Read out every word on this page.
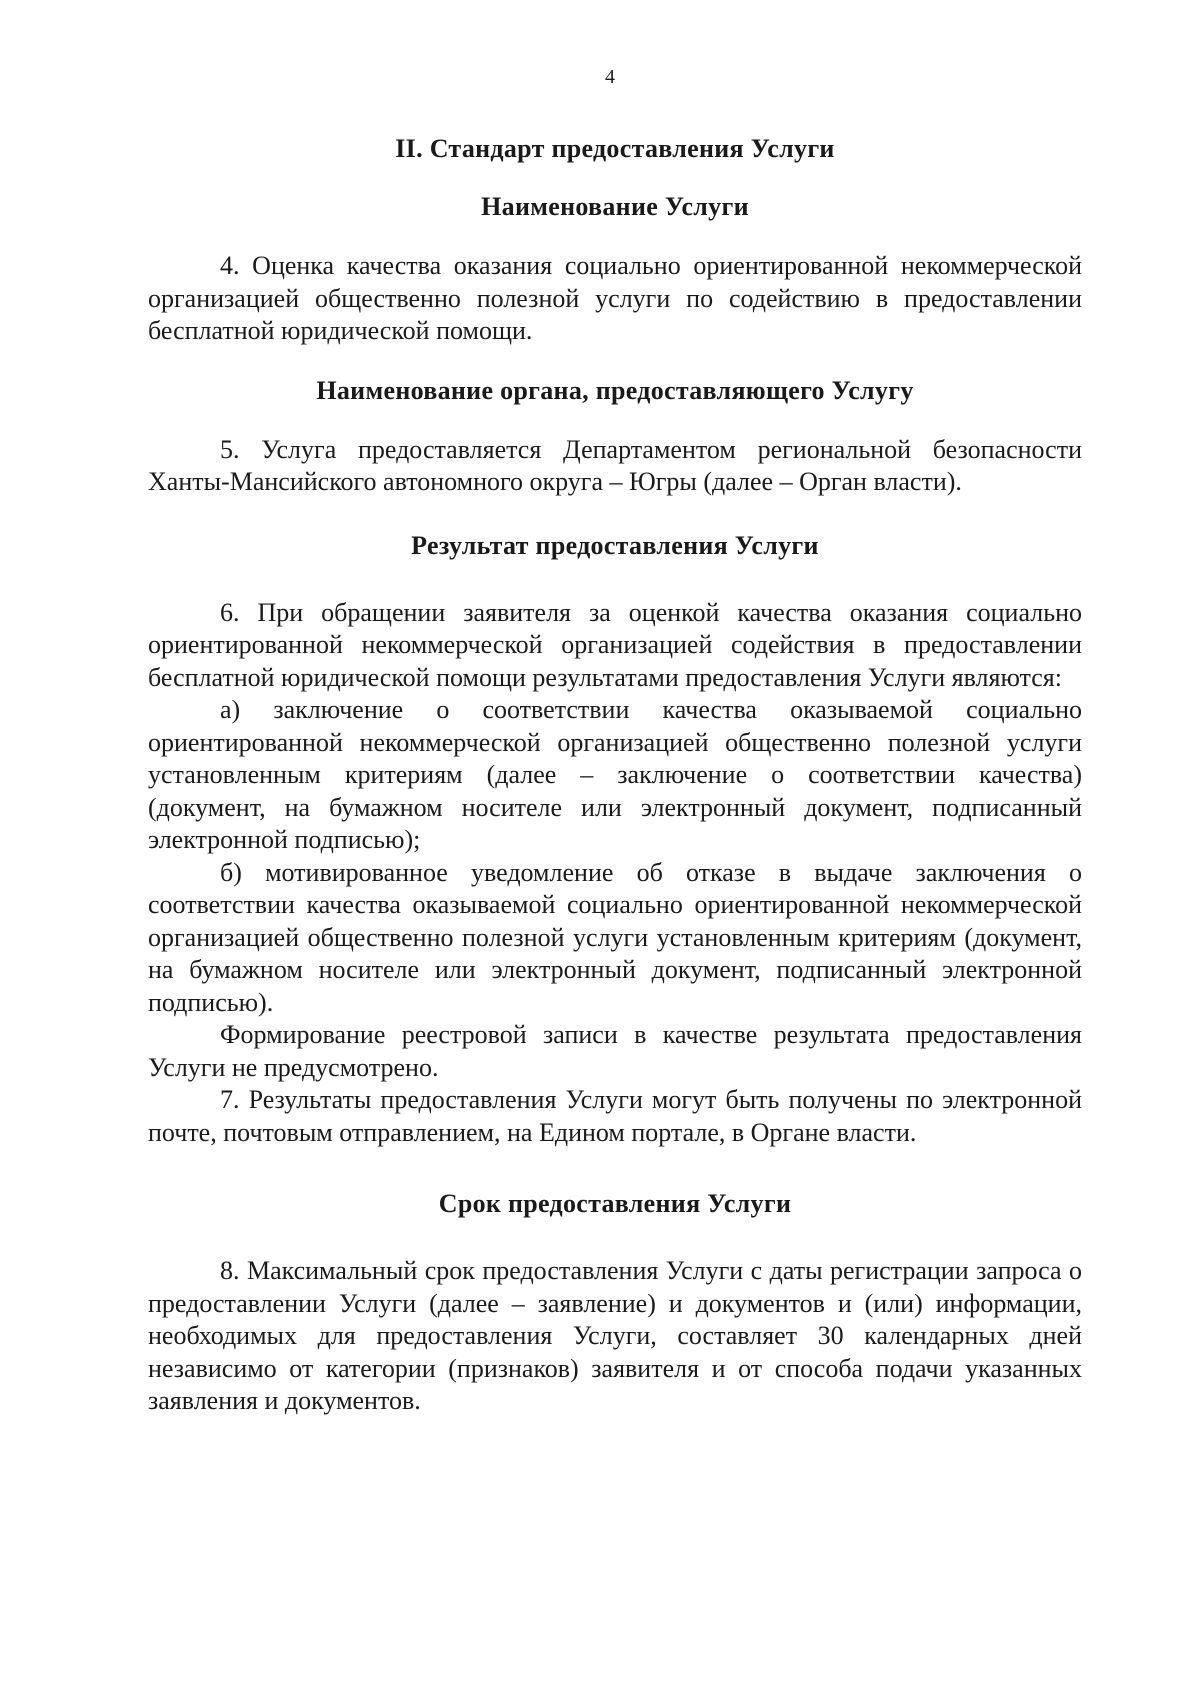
4
II. Стандарт предоставления Услуги
Наименование Услуги

4. Оценка качества оказания социально ориентированной некоммерческой организацией общественно полезной услуги по содействию в предоставлении бесплатной юридической помощи.

Наименование органа, предоставляющего Услугу

5. Услуга предоставляется Департаментом региональной безопасности Ханты-Мансийского автономного округа – Югры (далее – Орган власти).

Результат предоставления Услуги

6. При обращении заявителя за оценкой качества оказания социально ориентированной некоммерческой организацией содействия в предоставлении бесплатной юридической помощи результатами предоставления Услуги являются:

а) заключение о соответствии качества оказываемой социально ориентированной некоммерческой организацией общественно полезной услуги установленным критериям (далее – заключение о соответствии качества) (документ, на бумажном носителе или электронный документ, подписанный электронной подписью);

б) мотивированное уведомление об отказе в выдаче заключения о соответствии качества оказываемой социально ориентированной некоммерческой организацией общественно полезной услуги установленным критериям (документ, на бумажном носителе или электронный документ, подписанный электронной подписью).

Формирование реестровой записи в качестве результата предоставления Услуги не предусмотрено.

7. Результаты предоставления Услуги могут быть получены по электронной почте, почтовым отправлением, на Едином портале, в Органе власти.

Срок предоставления Услуги

8. Максимальный срок предоставления Услуги с даты регистрации запроса о предоставлении Услуги (далее – заявление) и документов и (или) информации, необходимых для предоставления Услуги, составляет 30 календарных дней независимо от категории (признаков) заявителя и от способа подачи указанных заявления и документов.
